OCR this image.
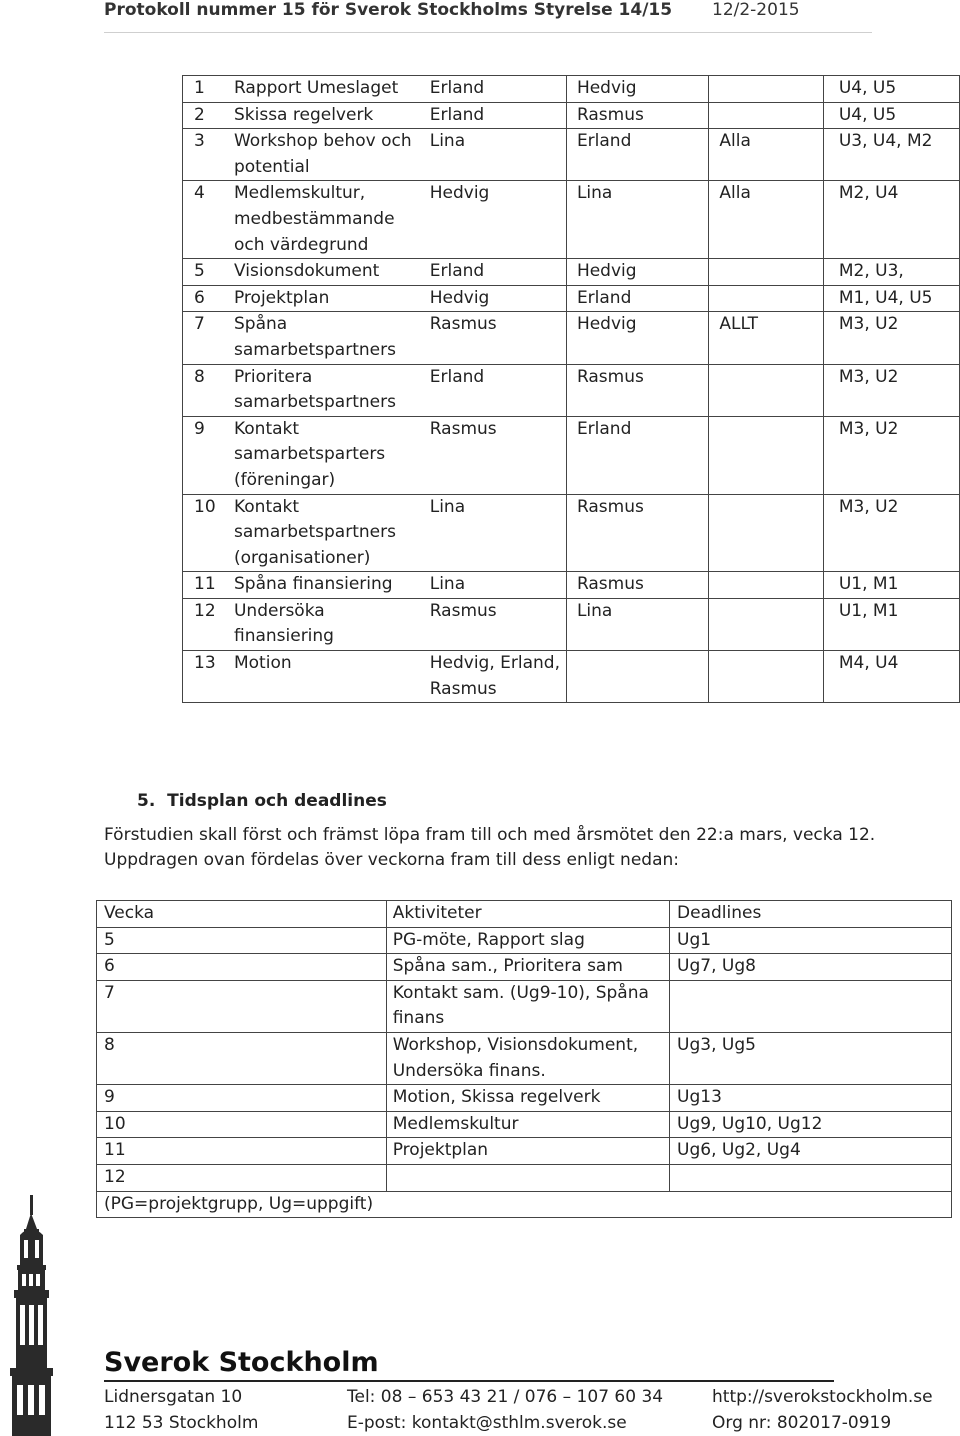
Protokoll nummer 15 för Sverok Stockholms Styrelse 14/15 12/2-2015
1	Rapport Umeslaget	Erland	Hedvig		U4, U5
2	Skissa regelverk	Erland	Rasmus		U4, U5
3	Workshop behov och potential	Lina	Erland	Alla	U3, U4, M2
4	Medlemskultur, medbestämmande och värdegrund	Hedvig	Lina	Alla	M2, U4
5	Visionsdokument	Erland	Hedvig		M2, U3,
6	Projektplan	Hedvig	Erland		M1, U4, U5
7	Spåna samarbetspartners	Rasmus	Hedvig	ALLT	M3, U2
8	Prioritera samarbetspartners	Erland	Rasmus		M3, U2
9	Kontakt samarbetsparters (föreningar)	Rasmus	Erland		M3, U2
10	Kontakt samarbetspartners (organisationer)	Lina	Rasmus		M3, U2
11	Spåna finansiering	Lina	Rasmus		U1, M1
12	Undersöka finansiering	Rasmus	Lina		U1, M1
13	Motion	Hedvig, Erland, Rasmus			M4, U4
5. Tidsplan och deadlines
Förstudien skall först och främst löpa fram till och med årsmötet den 22:a mars, vecka 12.
Uppdragen ovan fördelas över veckorna fram till dess enligt nedan:
Vecka	Aktiviteter	Deadlines
5	PG-möte, Rapport slag	Ug1
6	Spåna sam., Prioritera sam	Ug7, Ug8
7	Kontakt sam. (Ug9-10), Spåna finans	
8	Workshop, Visionsdokument, Undersöka finans.	Ug3, Ug5
9	Motion, Skissa regelverk	Ug13
10	Medlemskultur	Ug9, Ug10, Ug12
11	Projektplan	Ug6, Ug2, Ug4
12		
(PG=projektgrupp, Ug=uppgift)		
Sverok Stockholm
Lidnersgatan 10
112 53 Stockholm
Tel: 08 – 653 43 21 / 076 – 107 60 34
E-post: kontakt@sthlm.sverok.se
http://sverokstockholm.se
Org nr: 802017-0919
